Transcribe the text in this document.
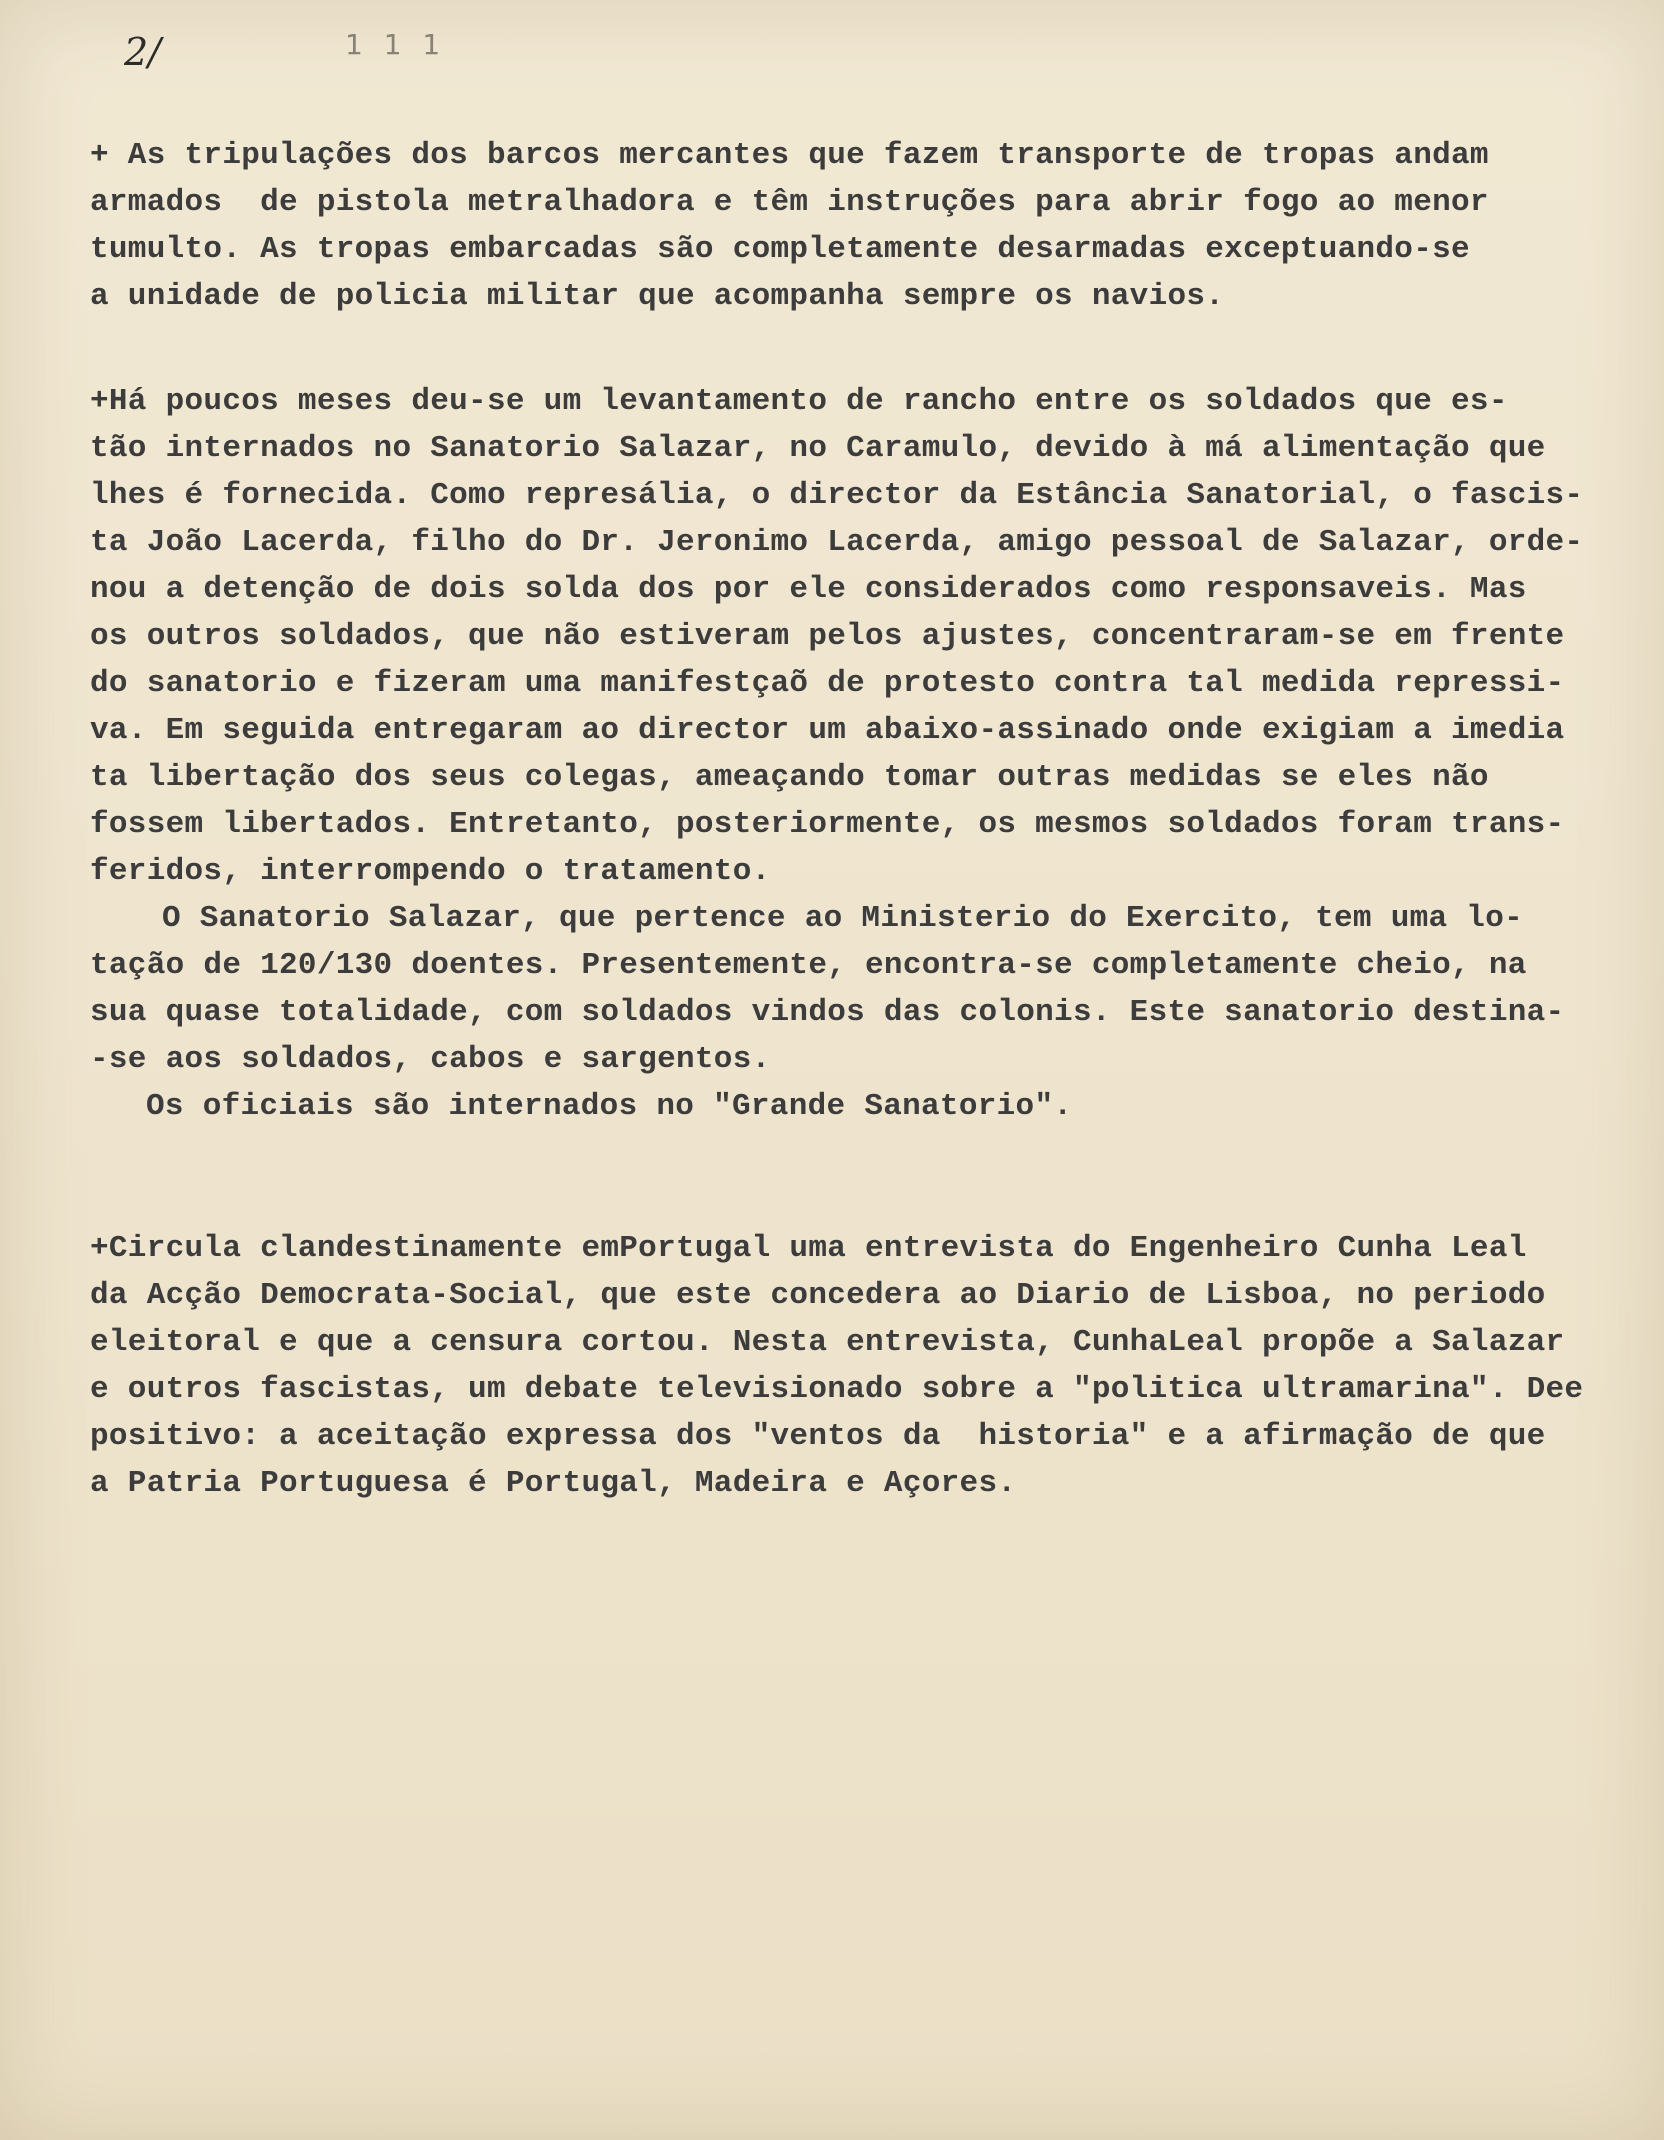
2/	1 1 1
+ As tripulações dos barcos mercantes que fazem transporte de tropas andam
armados  de pistola metralhadora e têm instruções para abrir fogo ao menor
tumulto. As tropas embarcadas são completamente desarmadas exceptuando-se
a unidade de policia militar que acompanha sempre os navios.
+Há poucos meses deu-se um levantamento de rancho entre os soldados que es-
tão internados no Sanatorio Salazar, no Caramulo, devido à má alimentação que
lhes é fornecida. Como represália, o director da Estância Sanatorial, o fascis-
ta João Lacerda, filho do Dr. Jeronimo Lacerda, amigo pessoal de Salazar, orde-
nou a detenção de dois solda dos por ele considerados como responsaveis. Mas
os outros soldados, que não estiveram pelos ajustes, concentraram-se em frente
do sanatorio e fizeram uma manifestçaõ de protesto contra tal medida repressi-
va. Em seguida entregaram ao director um abaixo-assinado onde exigiam a imedia
ta libertação dos seus colegas, ameaçando tomar outras medidas se eles não
fossem libertados. Entretanto, posteriormente, os mesmos soldados foram trans-
feridos, interrompendo o tratamento.
O Sanatorio Salazar, que pertence ao Ministerio do Exercito, tem uma lo-
tação de 120/130 doentes. Presentemente, encontra-se completamente cheio, na
sua quase totalidade, com soldados vindos das colonis. Este sanatorio destina-
-se aos soldados, cabos e sargentos.
Os oficiais são internados no "Grande Sanatorio".
+Circula clandestinamente emPortugal uma entrevista do Engenheiro Cunha Leal
da Acção Democrata-Social, que este concedera ao Diario de Lisboa, no periodo
eleitoral e que a censura cortou. Nesta entrevista, CunhaLeal propõe a Salazar
e outros fascistas, um debate televisionado sobre a "politica ultramarina". Dee
positivo: a aceitação expressa dos "ventos da  historia" e a afirmação de que
a Patria Portuguesa é Portugal, Madeira e Açores.
